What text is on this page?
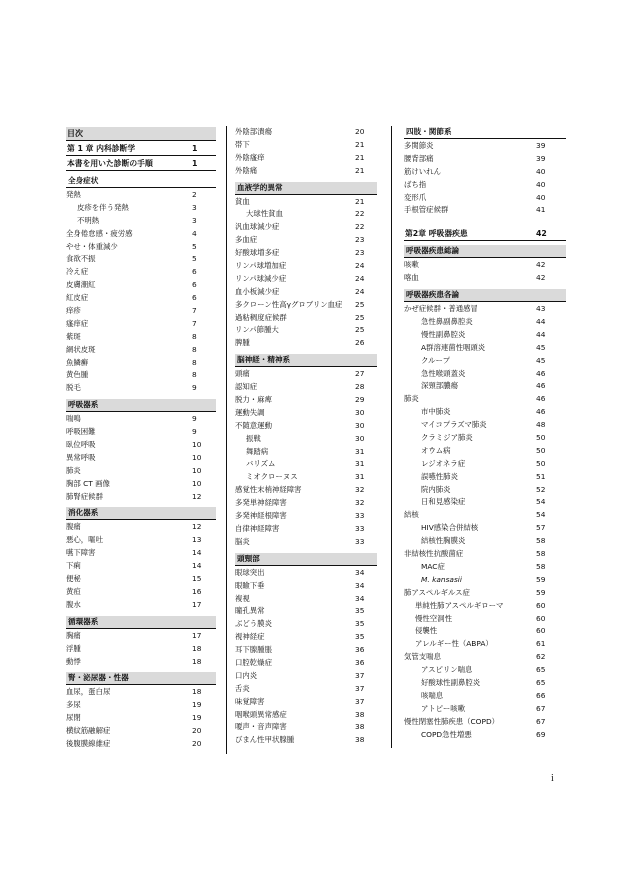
目次
第 1 章 内科診断学	1
本書を用いた診断の手順	1
全身症状
発熱	2
皮疹を伴う発熱	3
不明熱	3
全身倦怠感・疲労感	4
やせ・体重減少	5
食欲不振	5
冷え症	6
皮膚潮紅	6
紅皮症	6
痒疹	7
瘙痒症	7
紫斑	8
網状皮斑	8
魚鱗癬	8
黄色腫	8
脱毛	9
呼吸器系
喘鳴	9
呼吸困難	9
臥位呼吸	10
異常呼吸	10
肺炎	10
胸部 CT 画像	10
肺腎症候群	12
消化器系
腹痛	12
悪心，嘔吐	13
嚥下障害	14
下痢	14
便秘	15
黄疸	16
腹水	17
循環器系
胸痛	17
浮腫	18
動悸	18
腎・泌尿器・性器
血尿，蛋白尿	18
多尿	19
尿閉	19
横紋筋融解症	20
後腹膜線維症	20
外陰部潰瘍	20
帯下	21
外陰瘙痒	21
外陰痛	21
血液学的異常
貧血	21
大球性貧血	22
汎血球減少症	22
多血症	23
好酸球増多症	23
リンパ球増加症	24
リンパ球減少症	24
血小板減少症	24
多クローン性高γグロブリン血症 25
過粘稠度症候群	25
リンパ節腫大	25
脾腫	26
脳神経・精神系
頭痛	27
認知症	28
脱力・麻痺	29
運動失調	30
不随意運動	30
振戦	30
舞踏病	31
バリズム	31
ミオクローヌス	31
感覚性末梢神経障害	32
多発単神経障害	32
多発神経根障害	33
自律神経障害	33
脳炎	33
頭頸部
眼球突出	34
眼瞼下垂	34
複視	34
瞳孔異常	35
ぶどう膜炎	35
視神経症	35
耳下腺腫脹	36
口腔乾燥症	36
口内炎	37
舌炎	37
味覚障害	37
咽喉頭異常感症	38
嗄声・音声障害	38
びまん性甲状腺腫	38
四肢・関節系
多関節炎	39
腰背部痛	39
筋けいれん	40
ばち指	40
変形爪	40
手根管症候群	41
第2章 呼吸器疾患	42
呼吸器疾患総論
咳嗽	42
喀血	42
呼吸器疾患各論
かぜ症候群・普通感冒	43
急性鼻副鼻腔炎	44
慢性副鼻腔炎	44
A群溶連菌性咽頭炎	45
クループ	45
急性喉頭蓋炎	46
深頸部膿瘍	46
肺炎	46
市中肺炎	46
マイコプラズマ肺炎	48
クラミジア肺炎	50
オウム病	50
レジオネラ症	50
誤嚥性肺炎	51
院内肺炎	52
日和見感染症	54
結核	54
HIV感染合併結核	57
結核性胸膜炎	58
非結核性抗酸菌症	58
MAC症	58
M. kansasii	59
肺アスペルギルス症	59
単純性肺アスペルギローマ	60
慢性空洞性	60
侵襲性	60
アレルギー性（ABPA）	61
気管支喘息	62
アスピリン喘息	65
好酸球性副鼻腔炎	65
咳喘息	66
アトピー咳嗽	67
慢性閉塞性肺疾患（COPD）	67
COPD急性増悪	69
i
